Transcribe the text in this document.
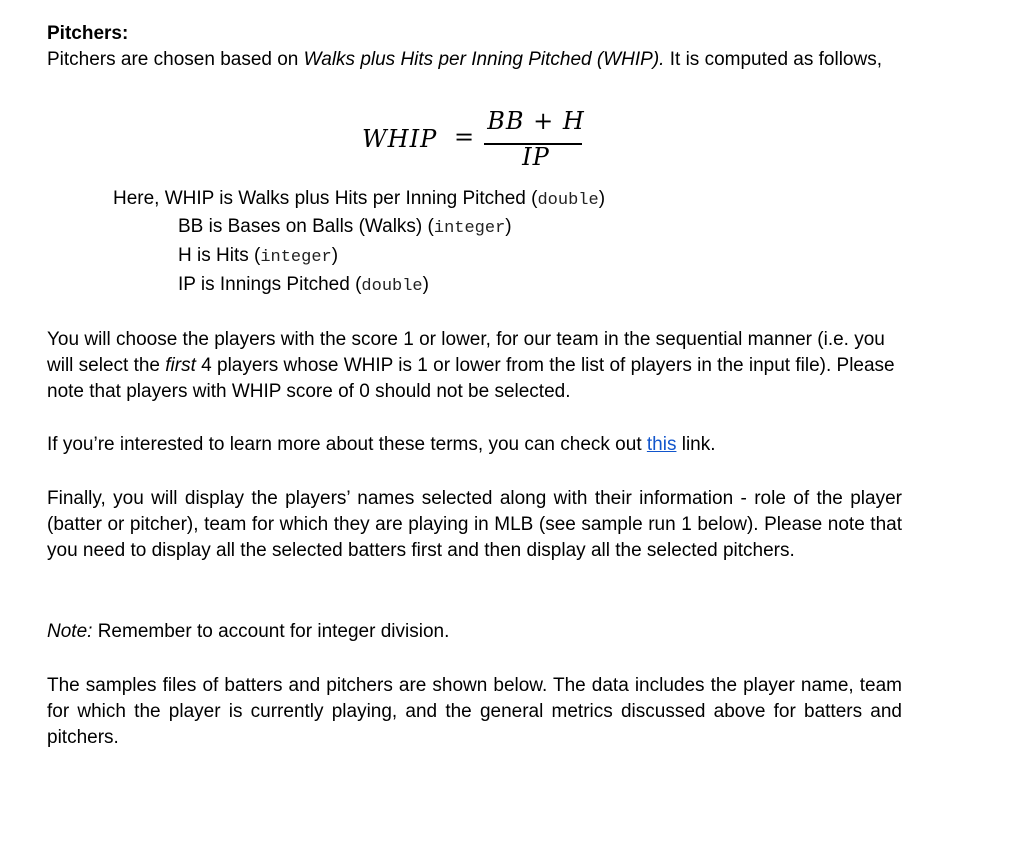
Pitchers:

Pitchers are chosen based on Walks plus Hits per Inning Pitched (WHIP). It is computed as follows,

WHIP =
BB + H
IP

Here, WHIP is Walks plus Hits per Inning Pitched (double)

BB is Bases on Balls (Walks) (integer)

H is Hits (integer)

IP is Innings Pitched (double)

You will choose the players with the score 1 or lower, for our team in the sequential manner (i.e. you will select the first 4 players whose WHIP is 1 or lower from the list of players in the input file). Please note that players with WHIP score of 0 should not be selected.

If you’re interested to learn more about these terms, you can check out this link.

Finally, you will display the players’ names selected along with their information - role of the player (batter or pitcher), team for which they are playing in MLB (see sample run 1 below). Please note that you need to display all the selected batters first and then display all the selected pitchers.

Note: Remember to account for integer division.

The samples files of batters and pitchers are shown below. The data includes the player name, team for which the player is currently playing, and the general metrics discussed above for batters and pitchers.
